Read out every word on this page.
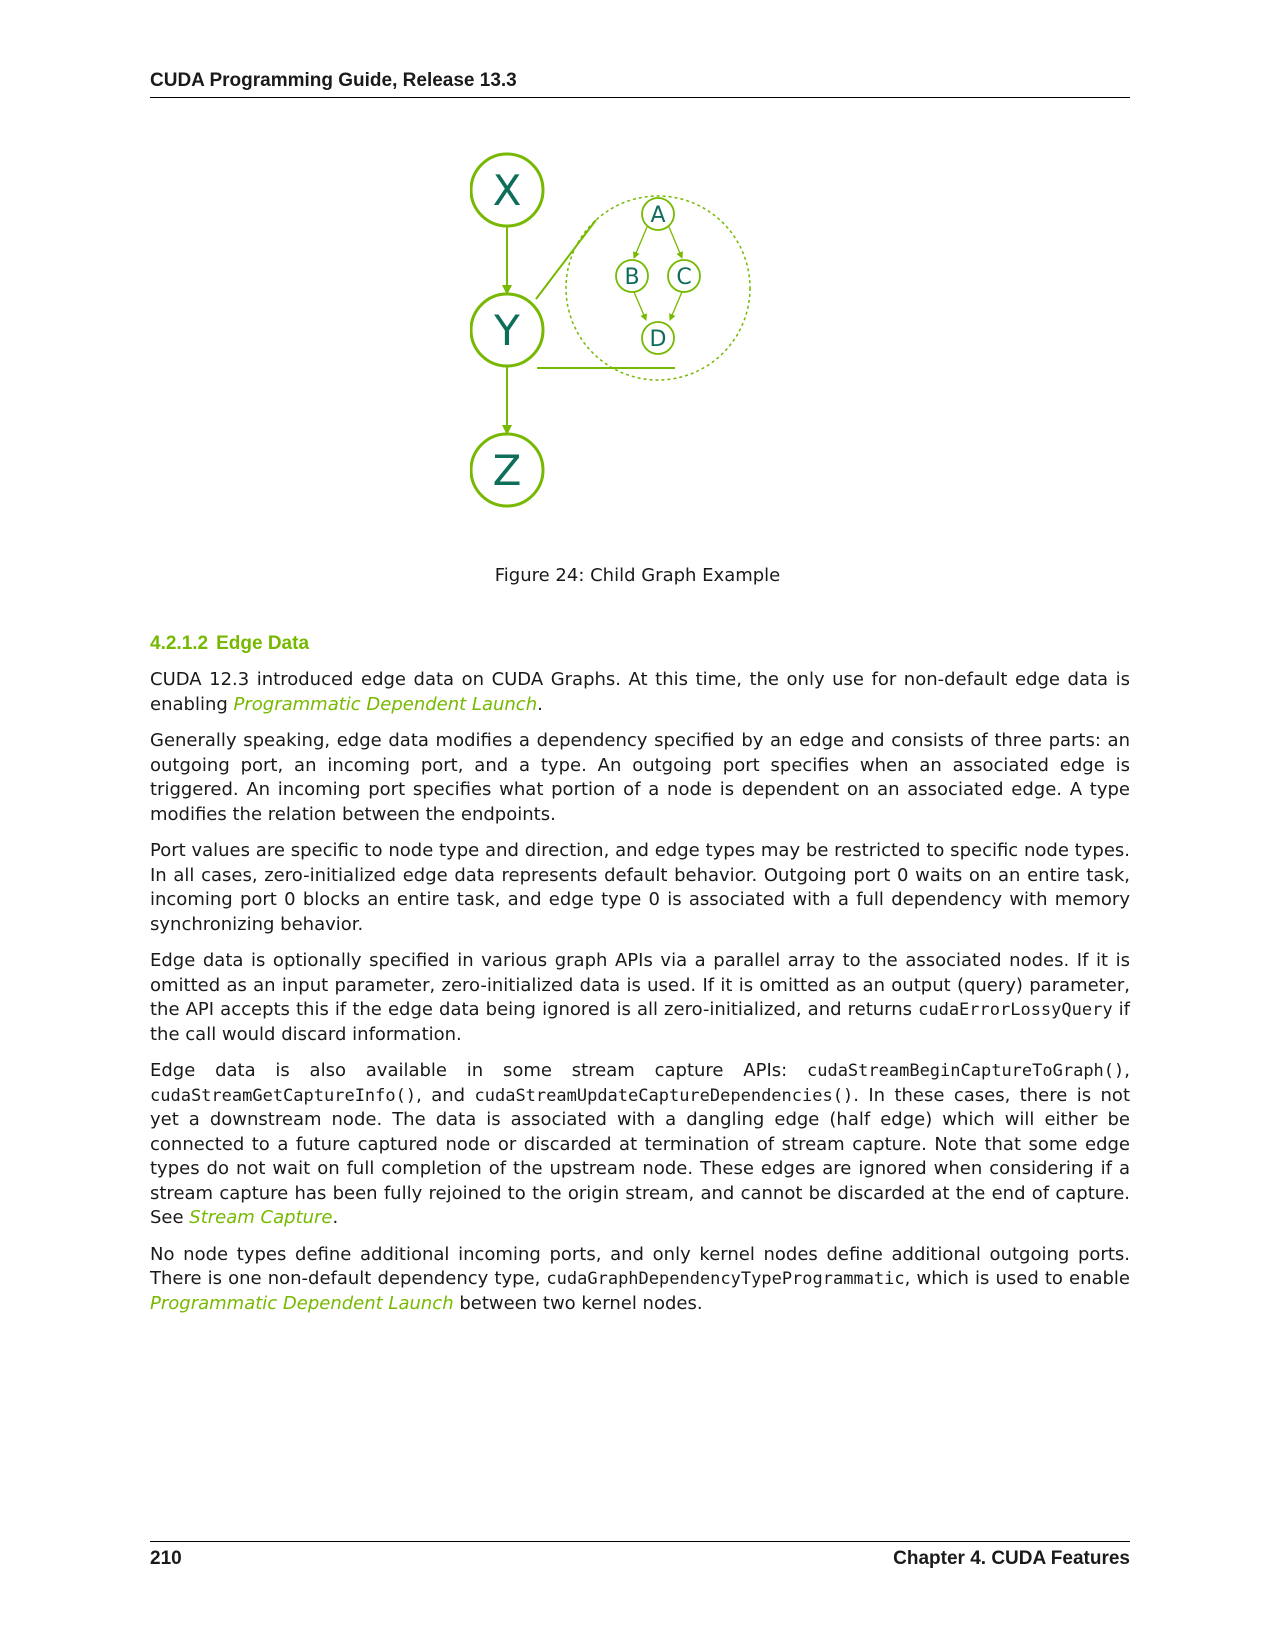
CUDA Programming Guide, Release 13.3
X
Y
Z
A
B C
D
Figure 24: Child Graph Example
4.2.1.2 Edge Data

CUDA 12.3 introduced edge data on CUDA Graphs. At this time, the only use for non-default edge data is enabling Programmatic Dependent Launch.

Generally speaking, edge data modifies a dependency specified by an edge and consists of three parts: an outgoing port, an incoming port, and a type. An outgoing port specifies when an associated edge is triggered. An incoming port specifies what portion of a node is dependent on an associated edge. A type modifies the relation between the endpoints.

Port values are specific to node type and direction, and edge types may be restricted to specific node types. In all cases, zero-initialized edge data represents default behavior. Outgoing port 0 waits on an entire task, incoming port 0 blocks an entire task, and edge type 0 is associated with a full dependency with memory synchronizing behavior.

Edge data is optionally specified in various graph APIs via a parallel array to the associated nodes. If it is omitted as an input parameter, zero-initialized data is used. If it is omitted as an output (query) parameter, the API accepts this if the edge data being ignored is all zero-initialized, and returns cudaErrorLossyQuery if the call would discard information.

Edge data is also available in some stream capture APIs: cudaStreamBeginCaptureToGraph(), cudaStreamGetCaptureInfo(), and cudaStreamUpdateCaptureDependencies(). In these cases, there is not yet a downstream node. The data is associated with a dangling edge (half edge) which will either be connected to a future captured node or discarded at termination of stream capture. Note that some edge types do not wait on full completion of the upstream node. These edges are ignored when considering if a stream capture has been fully rejoined to the origin stream, and cannot be discarded at the end of capture. See Stream Capture.

No node types define additional incoming ports, and only kernel nodes define additional outgoing ports. There is one non-default dependency type, cudaGraphDependencyTypeProgrammatic, which is used to enable Programmatic Dependent Launch between two kernel nodes.

210	Chapter 4. CUDA Features
